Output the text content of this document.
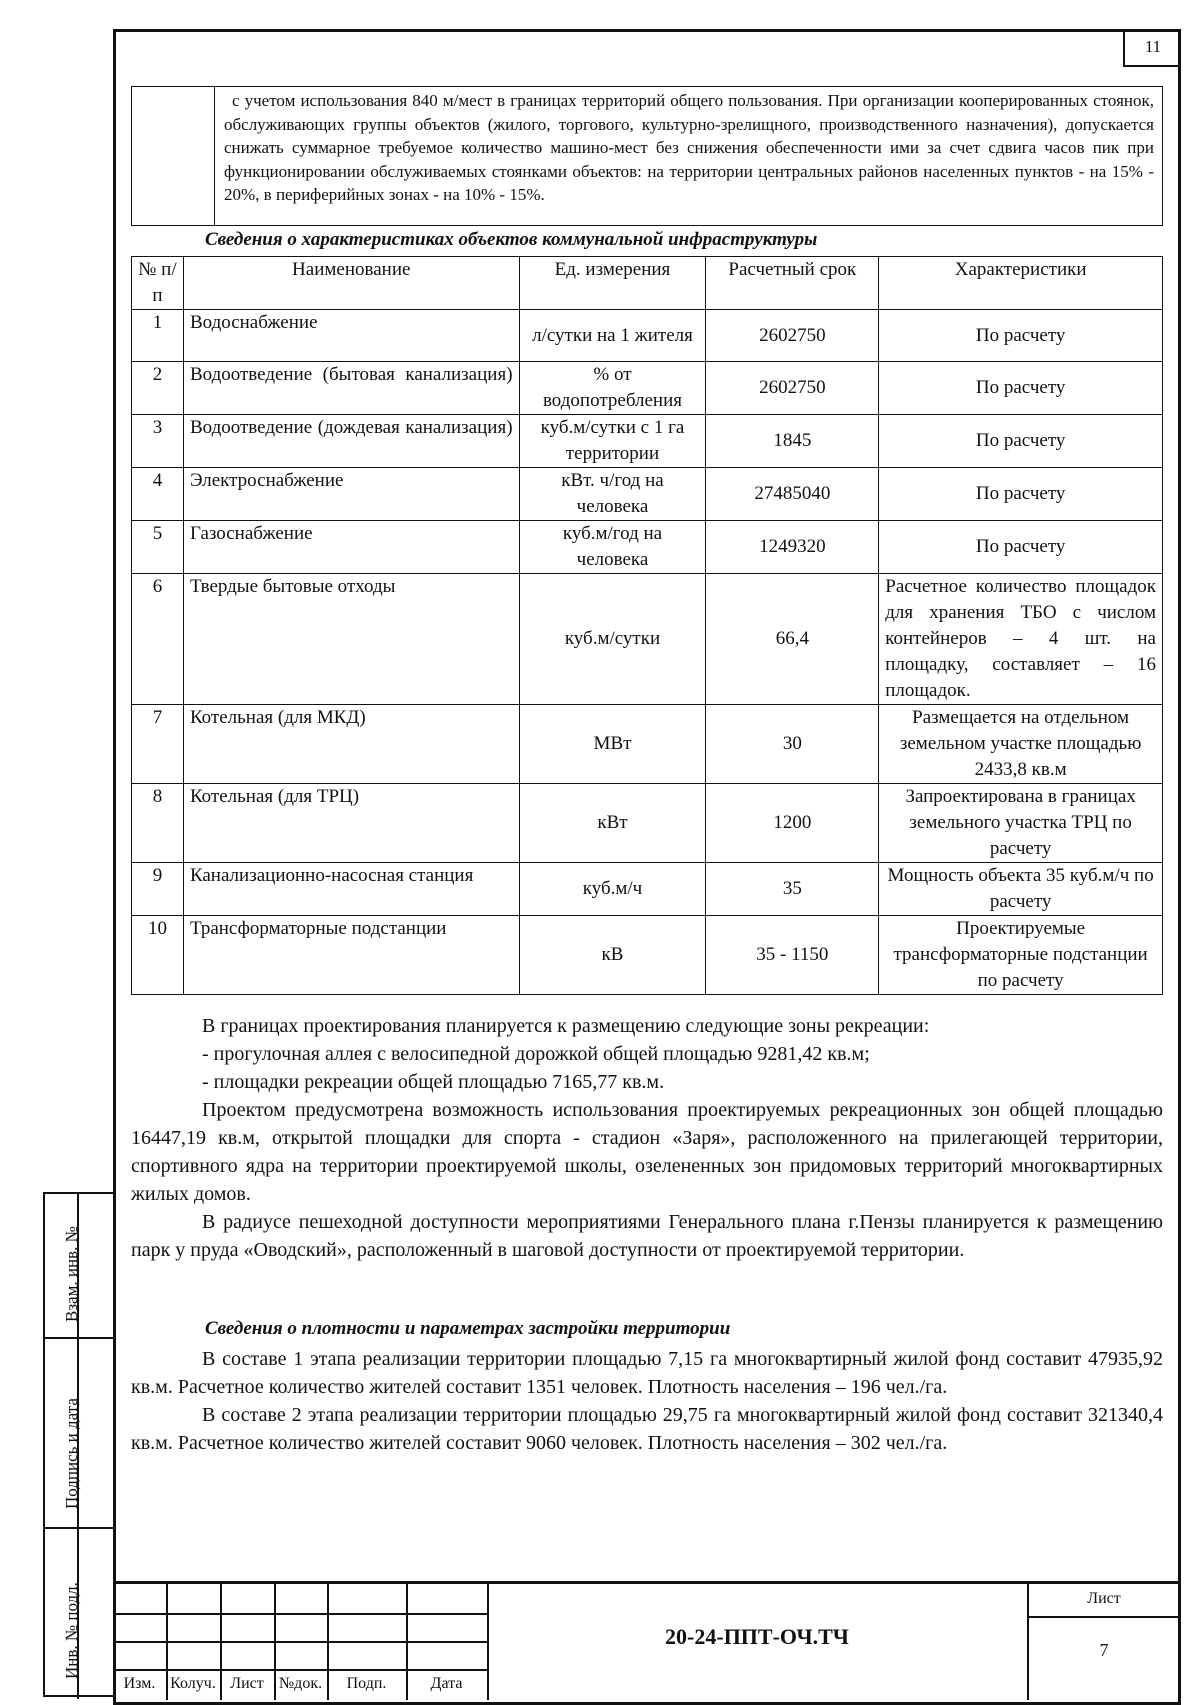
11
с учетом использования 840 м/мест в границах территорий общего пользования. При организации кооперированных стоянок, обслуживающих группы объектов (жилого, торгового, культурно-зрелищного, производственного назначения), допускается снижать суммарное требуемое количество машино-мест без снижения обеспеченности ими за счет сдвига часов пик при функционировании обслуживаемых стоянками объектов: на территории центральных районов населенных пунктов - на 15% - 20%, в периферийных зонах - на 10% - 15%.
Сведения о характеристиках объектов коммунальной инфраструктуры
№ п/п	Наименование	Ед. измерения	Расчетный срок	Характеристики
1	Водоснабжение	л/сутки на 1 жителя	2602750	По расчету
2	Водоотведение (бытовая канализация)	% от водопотребления	2602750	По расчету
3	Водоотведение (дождевая канализация)	куб.м/сутки с 1 га территории	1845	По расчету
4	Электроснабжение	кВт. ч/год на человека	27485040	По расчету
5	Газоснабжение	куб.м/год на человека	1249320	По расчету
6	Твердые бытовые отходы	куб.м/сутки	66,4	Расчетное количество площадок для хранения ТБО с числом контейнеров – 4 шт. на площадку, составляет – 16 площадок.
7	Котельная (для МКД)	МВт	30	Размещается на отдельном земельном участке площадью 2433,8 кв.м
8	Котельная (для ТРЦ)	кВт	1200	Запроектирована в границах земельного участка ТРЦ по расчету
9	Канализационно-насосная станция	куб.м/ч	35	Мощность объекта 35 куб.м/ч по расчету
10	Трансформаторные подстанции	кВ	35 - 1150	Проектируемые трансформаторные подстанции по расчету

В границах проектирования планируется к размещению следующие зоны рекреации:

- прогулочная аллея с велосипедной дорожкой общей площадью 9281,42 кв.м;

- площадки рекреации общей площадью 7165,77 кв.м.

Проектом предусмотрена возможность использования проектируемых рекреационных зон общей площадью 16447,19 кв.м, открытой площадки для спорта - стадион «Заря», расположенного на прилегающей территории, спортивного ядра на территории проектируемой школы, озелененных зон придомовых территорий многоквартирных жилых домов.

В радиусе пешеходной доступности мероприятиями Генерального плана г.Пензы планируется к размещению парк у пруда «Оводский», расположенный в шаговой доступности от проектируемой территории.

Сведения о плотности и параметрах застройки территории

В составе 1 этапа реализации территории площадью 7,15 га многоквартирный жилой фонд составит 47935,92 кв.м. Расчетное количество жителей составит 1351 человек. Плотность населения – 196 чел./га.

В составе 2 этапа реализации территории площадью 29,75 га многоквартирный жилой фонд составит 321340,4 кв.м. Расчетное количество жителей составит 9060 человек. Плотность населения – 302 чел./га.

Взам. инв. №
Подпись и дата
Инв. № подл.
Изм. Колуч. Лист №док.	Подп.	Дата
20-24-ППТ-ОЧ.ТЧ
Лист
7
